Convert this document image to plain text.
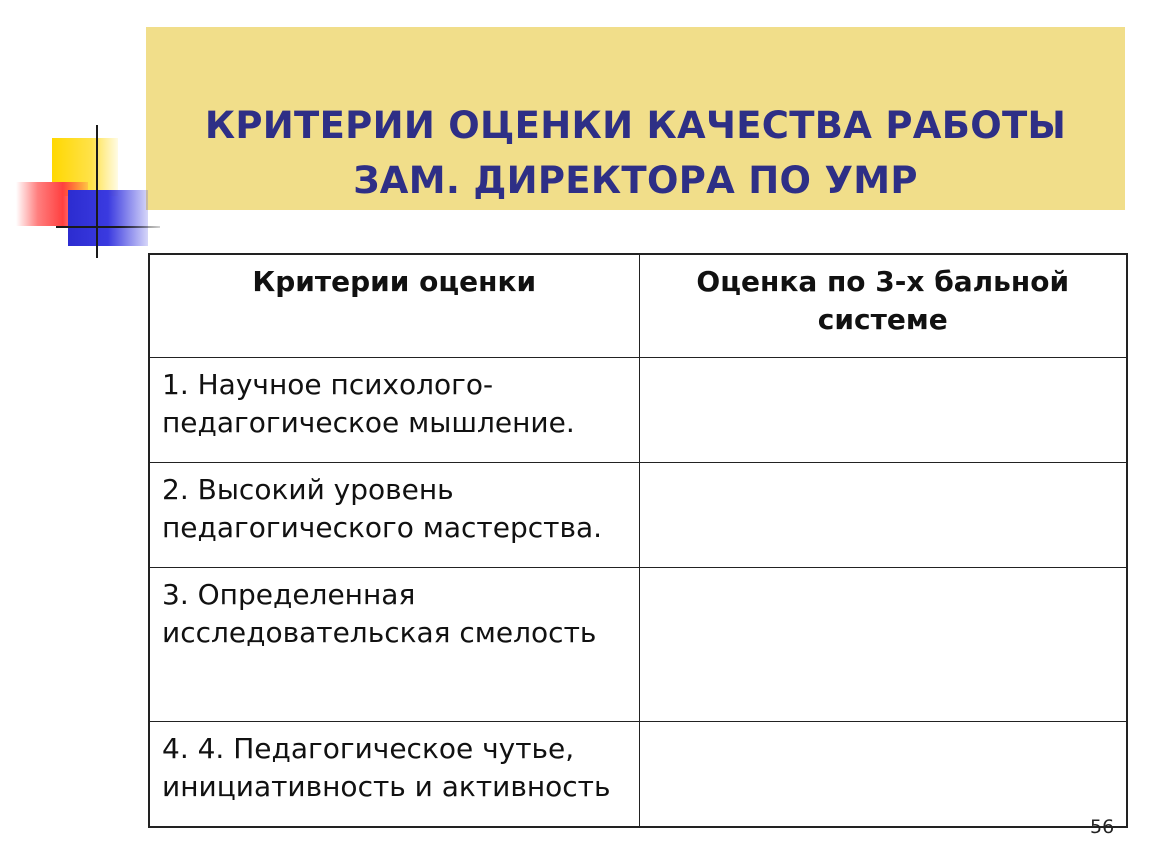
КРИТЕРИИ ОЦЕНКИ КАЧЕСТВА РАБОТЫ
ЗАМ. ДИРЕКТОРА ПО УМР
Критерии оценки	Оценка по 3-х бальной системе
1. Научное психолого-педагогическое мышление.	
2. Высокий уровень педагогического мастерства.	
3. Определенная исследовательская смелость	
4. 4. Педагогическое чутье, инициативность и активность	
56
